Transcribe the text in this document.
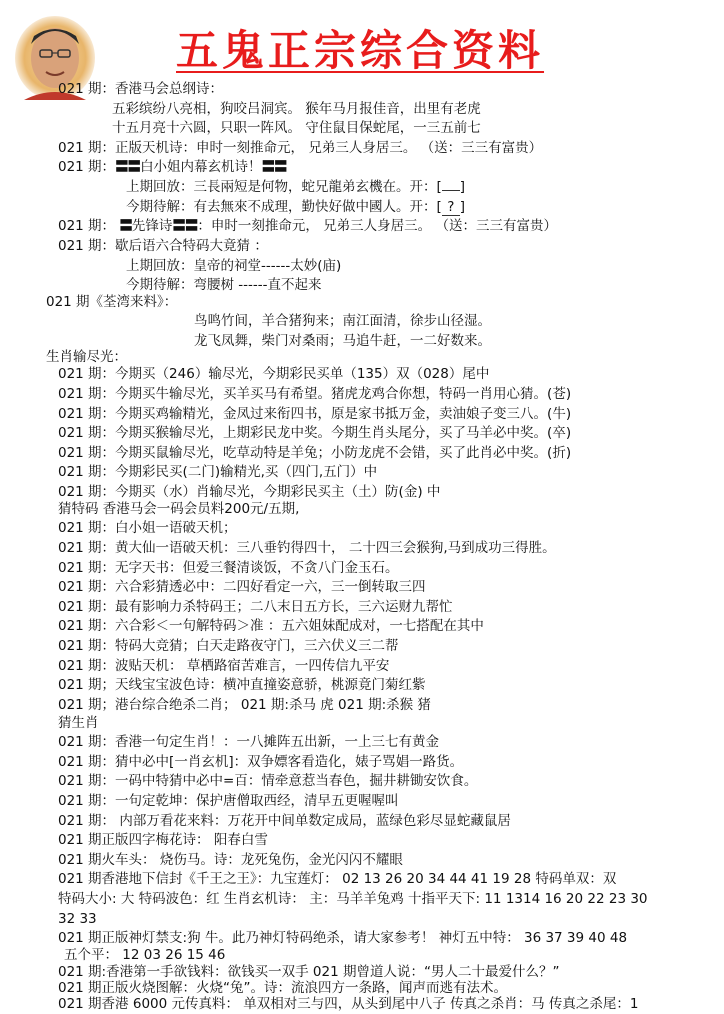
五鬼正宗综合资料
021 期：香港马会总纲诗：
五彩缤纷八亮相，狗咬吕洞宾。 猴年马月报佳音，出里有老虎
十五月亮十六圆，只职一阵风。 守住鼠目保蛇尾，一三五前七
021 期：正版天机诗：申时一刻推命元， 兄弟三人身居三。 （送：三三有富贵）
021 期：〓〓白小姐内幕玄机诗！〓〓
上期回放：三長兩短是何物，蛇兄龍弟玄機在。开：[ ]
今期待解：有去無來不成理，勤快好做中國人。开：[ ? ]
021 期： 〓先锋诗〓〓：申时一刻推命元， 兄弟三人身居三。 （送：三三有富贵）
021 期：歇后语六合特码大竟猜 ：
上期回放：皇帝的祠堂------太妙(庙)
今期待解：弯腰树 ------直不起来
021 期《荃湾来料》：
鸟鸣竹间，羊合猪狗来；南江面清，徐步山径湿。
龙飞凤舞，柴门对桑雨；马追牛赶，一二好数来。
生肖输尽光：
021 期：今期买（246）输尽光，今期彩民买单（135）双（028）尾中
021 期：今期买牛输尽光，买羊买马有希望。猪虎龙鸡合你想，特码一肖用心猜。(苍)
021 期：今期买鸡输精光，金凤过来衔四书，原是家书抵万金，卖油娘子变三八。(牛)
021 期：今期买猴输尽光，上期彩民龙中奖。今期生肖头尾分，买了马羊必中奖。(卒)
021 期：今期买鼠输尽光，吃草动特是羊兔；小防龙虎不会错，买了此肖必中奖。(折)
021 期：今期彩民买(二门)输精光,买（四门,五门）中
021 期：今期买（水）肖输尽光，今期彩民买主（土）防(金) 中
猜特码 香港马会一码会员料200元/五期,
021 期：白小姐一语破天机；
021 期：黄大仙一语破天机：三八垂钓得四十， 二十四三会猴狗,马到成功三得胜。
021 期：无字天书：但爱三餐清谈饭，不贪八门金玉石。
021 期：六合彩猜透必中：二四好看定一六，三一倒转取三四
021 期：最有影响力杀特码王；二八末日五方长，三六运财九帮忙
021 期：六合彩＜一句解特码＞准 ：五六姐妹配成对，一七搭配在其中
021 期：特码大竞猜；白天走路夜守门，三六伏义三二帮
021 期：波贴天机： 草栖路宿苦难言，一四传信九平安
021 期；天线宝宝波色诗：横冲直撞姿意骄，桃源竟门菊红紫
021 期；港台综合绝杀二肖； 021 期:杀马 虎 021 期:杀猴 猪
猜生肖
021 期：香港一句定生肖！：一八摊阵五出新，一上三七有黄金
021 期：猜中必中[一肖玄机]：双争嫖客看造化，婊子骂娼一路货。
021 期：一码中特猜中必中=百：情牵意惹当春色，掘井耕锄安饮食。
021 期：一句定乾坤：保护唐僧取西经，清早五更喔喔叫
021 期： 内部万看花来料：万花开中间单数定成局，蓝绿色彩尽显蛇藏鼠居
021 期正版四字梅花诗： 阳春白雪
021 期火车头： 烧伤马。诗：龙死兔伤，金光闪闪不耀眼
021 期香港地下信封《千王之王》：九宝莲灯： 02 13 26 20 34 44 41 19 28 特码单双：双
特码大小: 大 特码波色：红 生肖玄机诗： 主：马羊羊兔鸡 十指平天下: 11 1314 16 20 22 23 30
32 33
021 期正版神灯禁支:狗 牛。此乃神灯特码绝杀，请大家参考！ 神灯五中特： 36 37 39 40 48
五个平： 12 03 26 15 46
021 期:香港第一手欲钱料：欲钱买一双手 021 期曾道人说：“男人二十最爱什么？”
021 期正版火烧图解：火烧“兔”。诗：流浪四方一条路，闻声而逃有法术。
021 期香港 6000 元传真料： 单双相对三与四，从头到尾中八子 传真之杀肖：马 传真之杀尾：1
